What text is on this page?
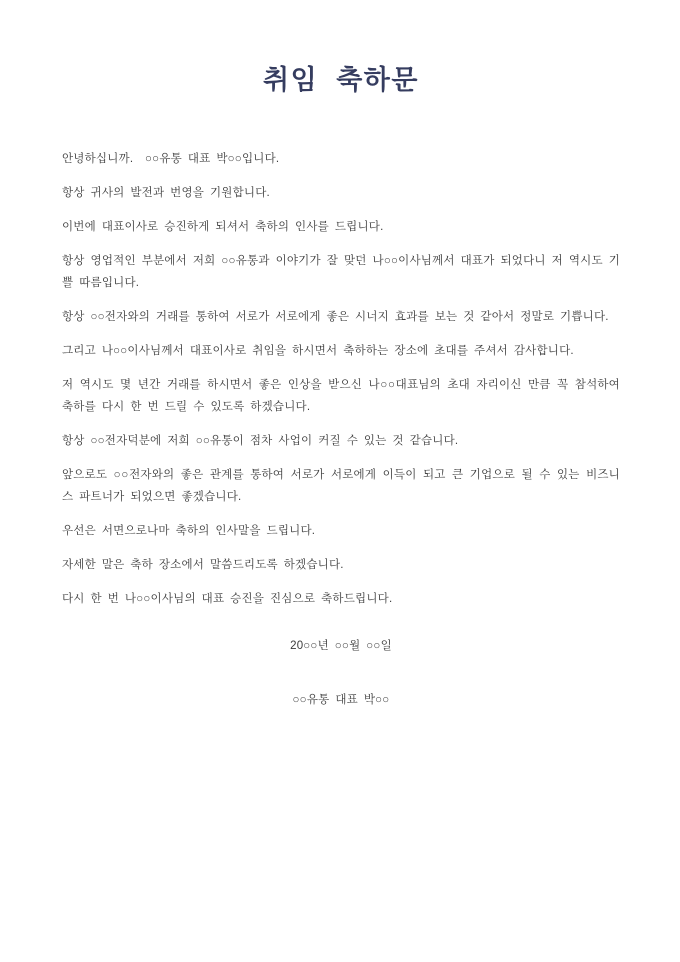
취임 축하문

안녕하십니까.  ○○유통 대표 박○○입니다.

항상 귀사의 발전과 번영을 기원합니다.

이번에 대표이사로 승진하게 되셔서 축하의 인사를 드립니다.

항상 영업적인 부분에서 저희 ○○유통과 이야기가 잘 맞던 나○○이사님께서 대표가 되었다니 저 역시도 기쁠 따름입니다.

항상 ○○전자와의 거래를 통하여 서로가 서로에게 좋은 시너지 효과를 보는 것 같아서 정말로 기쁩니다.

그리고 나○○이사님께서 대표이사로 취임을 하시면서 축하하는 장소에 초대를 주셔서 감사합니다.

저 역시도 몇 년간 거래를 하시면서 좋은 인상을 받으신 나○○대표님의 초대 자리이신 만큼 꼭 참석하여 축하를 다시 한 번 드릴 수 있도록 하겠습니다.

항상 ○○전자덕분에 저희 ○○유통이 점차 사업이 커질 수 있는 것 같습니다.

앞으로도 ○○전자와의 좋은 관계를 통하여 서로가 서로에게 이득이 되고 큰 기업으로 될 수 있는 비즈니스 파트너가 되었으면 좋겠습니다.

우선은 서면으로나마 축하의 인사말을 드립니다.

자세한 말은 축하 장소에서 말씀드리도록 하겠습니다.

다시 한 번 나○○이사님의 대표 승진을 진심으로 축하드립니다.

20○○년 ○○월 ○○일
○○유통 대표 박○○
